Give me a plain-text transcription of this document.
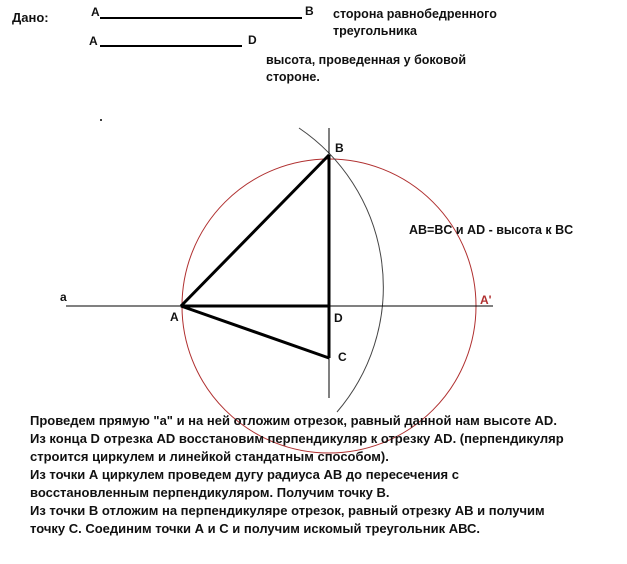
Дано:	A	B
A	D
сторона равнобедренного
треугольника
высота, проведенная у боковой
стороне.
a
A
B
D
C
A'
AB=BC и AD - высота к BC
Проведем прямую "а" и на ней отложим отрезок, равный данной нам высоте AD.
Из конца D отрезка AD восстановим перпендикуляр к отрезку AD. (перпендикуляр
строится циркулем и линейкой стандатным способом).
Из точки А циркулем проведем дугу радиуса АВ до пересечения с
восстановленным перпендикуляром. Получим точку В.
Из точки В отложим на перпендикуляре отрезок, равный отрезку АВ и получим
точку С. Соединим точки А и С и получим искомый треугольник АВС.
